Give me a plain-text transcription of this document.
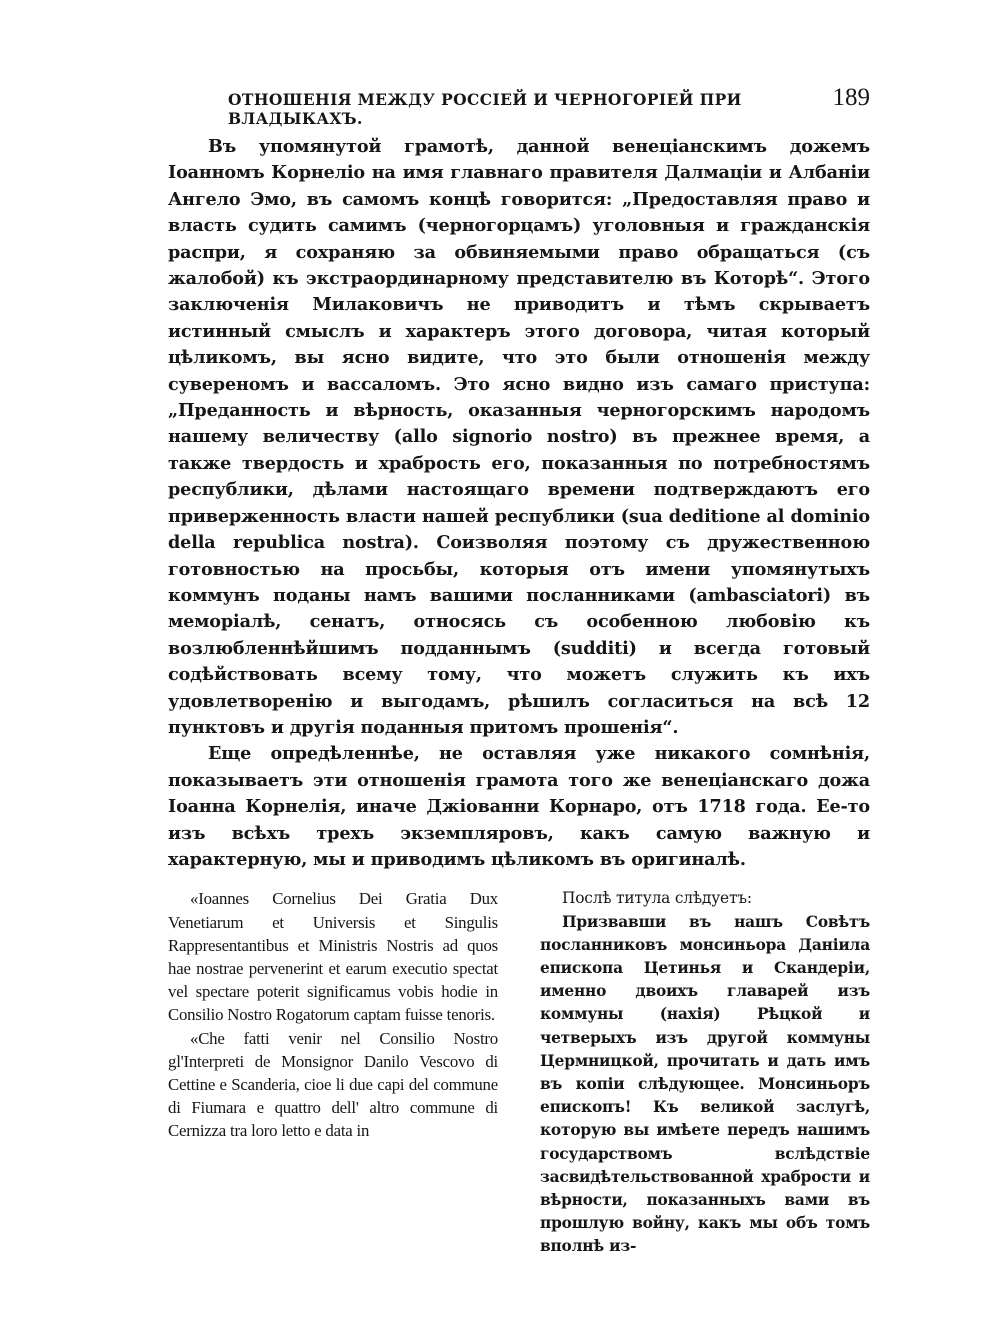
ОТНОШЕНІЯ МЕЖДУ РОССІЕЙ И ЧЕРНОГОРІЕЙ ПРИ ВЛАДЫКАХЪ.
189

Въ упомянутой грамотѣ, данной венеціанскимъ дожемъ Іоанномъ Корнеліо на имя главнаго правителя Далмаціи и Албаніи Ангело Эмо, въ самомъ концѣ говорится: „Предоставляя право и власть судить самимъ (черногорцамъ) уголовныя и гражданскія распри, я сохраняю за обвиняемыми право обращаться (съ жалобой) къ экстраординарному представителю въ Которѣ“. Этого заключенія Милаковичъ не приводитъ и тѣмъ скрываетъ истинный смыслъ и характеръ этого договора, читая который цѣликомъ, вы ясно видите, что это были отношенія между сувереномъ и вассаломъ. Это ясно видно изъ самаго приступа: „Преданность и вѣрность, оказанныя черногорскимъ народомъ нашему величеству (allo signorio nostro) въ прежнее время, а также твердость и храбрость его, показанныя по потребностямъ республики, дѣлами настоящаго времени подтверждаютъ его приверженность власти нашей республики (sua deditione al dominio della republica nostra). Соизволяя поэтому съ дружественною готовностью на просьбы, которыя отъ имени упомянутыхъ коммунъ поданы намъ вашими посланниками (ambasciatori) въ меморіалѣ, сенатъ, относясь съ особенною любовію къ возлюбленнѣйшимъ подданнымъ (sudditi) и всегда готовый содѣйствовать всему тому, что можетъ служить къ ихъ удовлетворенію и выгодамъ, рѣшилъ согласиться на всѣ 12 пунктовъ и другія поданныя притомъ прошенія“.

Еще опредѣленнѣе, не оставляя уже никакого сомнѣнія, показываетъ эти отношенія грамота того же венеціанскаго дожа Іоанна Корнелія, иначе Джіованни Корнаро, отъ 1718 года. Ее-то изъ всѣхъ трехъ экземпляровъ, какъ самую важную и характерную, мы и приводимъ цѣликомъ въ оригиналѣ.

«Ioannes Cornelius Dei Gratia Dux Venetiarum et Universis et Singulis Rappresentantibus et Ministris Nostris ad quos hae nostrae pervenerint et earum executio spectat vel spectare poterit significamus vobis hodie in Consilio Nostro Rogatorum captam fuisse tenoris.

«Che fatti venir nel Consilio Nostro gl'Interpreti de Monsignor Danilo Vescovo di Cettine e Scanderia, cioe li due capi del commune di Fiumara e quattro dell' altro commune di Cernizza tra loro letto e data in

Послѣ титула слѣдуетъ:

Призвавши въ нашъ Совѣтъ посланниковъ монсиньора Даніила епископа Цетинья и Скандеріи, именно двоихъ главарей изъ коммуны (нахія) Рѣцкой и четверыхъ изъ другой коммуны Цермницкой, прочитать и дать имъ въ копіи слѣдующее. Монсиньоръ епископъ! Къ великой заслугѣ, которую вы имѣете передъ нашимъ государствомъ вслѣдствіе засвидѣтельствованной храбрости и вѣрности, показанныхъ вами въ прошлую войну, какъ мы объ томъ вполнѣ из-
